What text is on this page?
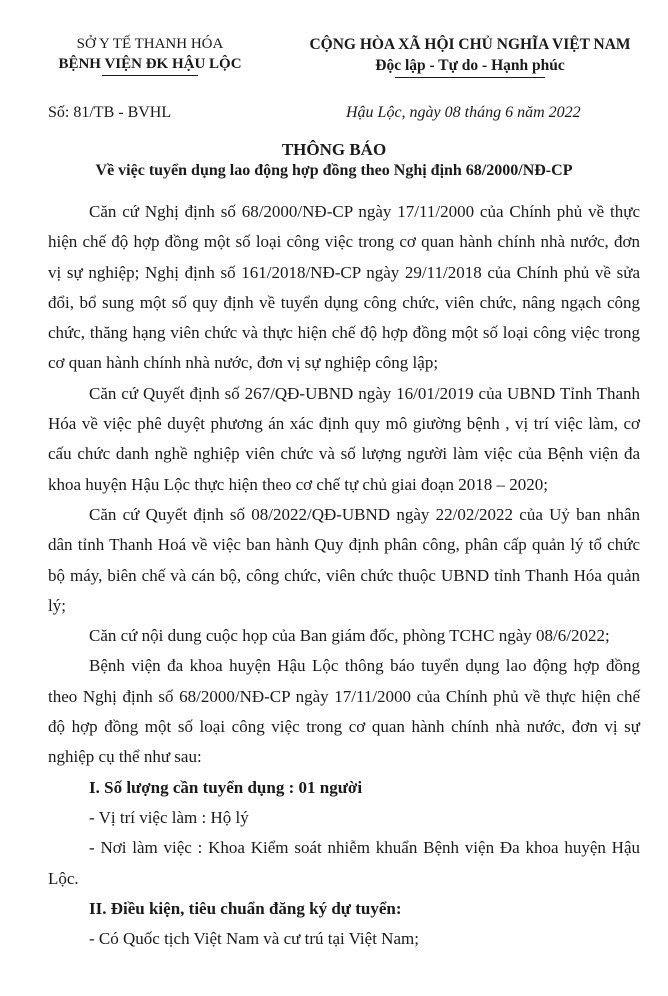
SỞ Y TẾ THANH HÓA
BỆNH VIỆN ĐK HẬU LỘC
CỘNG HÒA XÃ HỘI CHỦ NGHĨA VIỆT NAM
Độc lập - Tự do - Hạnh phúc
Số: 81/TB - BVHL	Hậu Lộc, ngày 08 tháng 6 năm 2022
THÔNG BÁO
Về việc tuyển dụng lao động hợp đồng theo Nghị định 68/2000/NĐ-CP

Căn cứ Nghị định số 68/2000/NĐ-CP ngày 17/11/2000 của Chính phủ về thực hiện chế độ hợp đồng một số loại công việc trong cơ quan hành chính nhà nước, đơn vị sự nghiệp; Nghị định số 161/2018/NĐ-CP ngày 29/11/2018 của Chính phủ về sửa đổi, bổ sung một số quy định về tuyển dụng công chức, viên chức, nâng ngạch công chức, thăng hạng viên chức và thực hiện chế độ hợp đồng một số loại công việc trong cơ quan hành chính nhà nước, đơn vị sự nghiệp công lập;

Căn cứ Quyết định số 267/QĐ-UBND ngày 16/01/2019 của UBND Tỉnh Thanh Hóa về việc phê duyệt phương án xác định quy mô giường bệnh , vị trí việc làm, cơ cấu chức danh nghề nghiệp viên chức và số lượng người làm việc của Bệnh viện đa khoa huyện Hậu Lộc thực hiện theo cơ chế tự chủ giai đoạn 2018 – 2020;

Căn cứ Quyết định số 08/2022/QĐ-UBND ngày 22/02/2022 của Uỷ ban nhân dân tỉnh Thanh Hoá về việc ban hành Quy định phân công, phân cấp quản lý tổ chức bộ máy, biên chế và cán bộ, công chức, viên chức thuộc UBND tỉnh Thanh Hóa quản lý;

Căn cứ nội dung cuộc họp của Ban giám đốc, phòng TCHC ngày 08/6/2022;

Bệnh viện đa khoa huyện Hậu Lộc thông báo tuyển dụng lao động hợp đồng theo Nghị định số 68/2000/NĐ-CP ngày 17/11/2000 của Chính phủ về thực hiện chế độ hợp đồng một số loại công việc trong cơ quan hành chính nhà nước, đơn vị sự nghiệp cụ thể như sau:

I. Số lượng cần tuyển dụng : 01 người

- Vị trí việc làm : Hộ lý

- Nơi làm việc : Khoa Kiểm soát nhiễm khuẩn Bệnh viện Đa khoa huyện Hậu Lộc.

II. Điều kiện, tiêu chuẩn đăng ký dự tuyển:

- Có Quốc tịch Việt Nam và cư trú tại Việt Nam;
